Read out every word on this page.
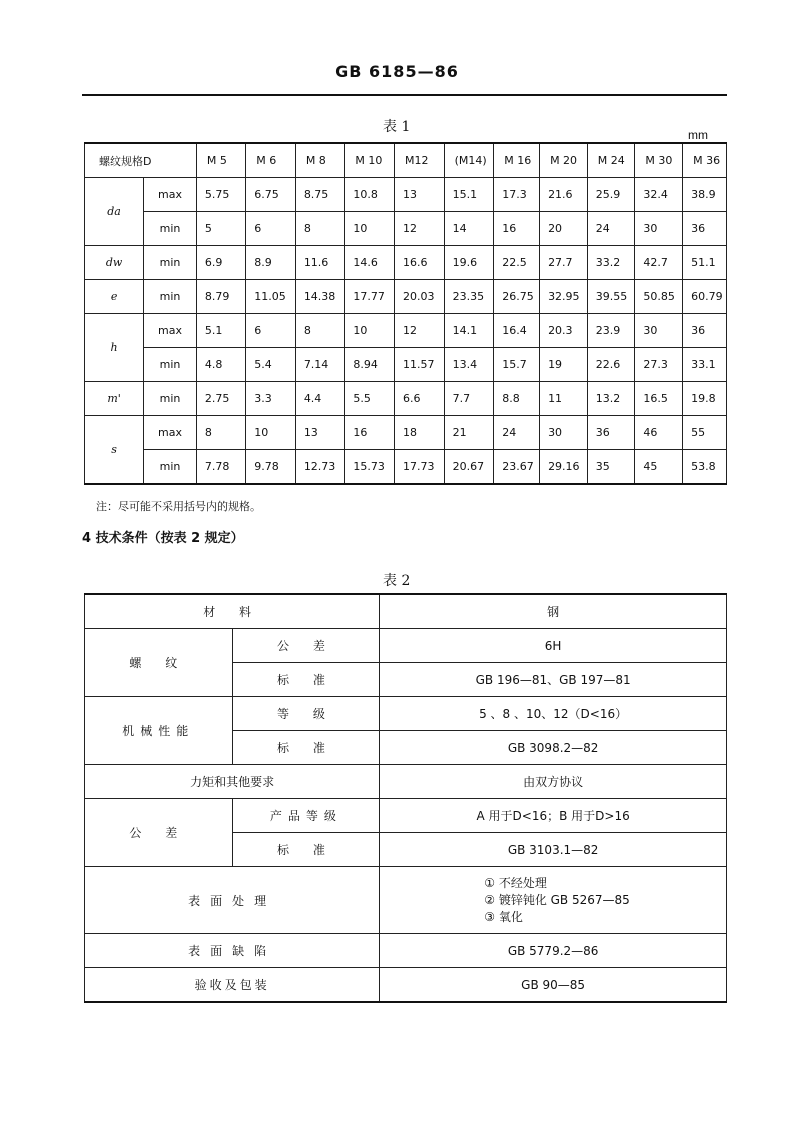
GB 6185—86
表 1	mm
螺纹规格D		M 5	M 6	M 8	M 10	M12	(M14)	M 16	M 20	M 24	M 30	M 36
da	max	5.75	6.75	8.75	10.8	13	15.1	17.3	21.6	25.9	32.4	38.9
	min	5	6	8	10	12	14	16	20	24	30	36
dw	min	6.9	8.9	11.6	14.6	16.6	19.6	22.5	27.7	33.2	42.7	51.1
e	min	8.79	11.05	14.38	17.77	20.03	23.35	26.75	32.95	39.55	50.85	60.79
h	max	5.1	6	8	10	12	14.1	16.4	20.3	23.9	30	36
	min	4.8	5.4	7.14	8.94	11.57	13.4	15.7	19	22.6	27.3	33.1
m'	min	2.75	3.3	4.4	5.5	6.6	7.7	8.8	11	13.2	16.5	19.8
s	max	8	10	13	16	18	21	24	30	36	46	55
	min	7.78	9.78	12.73	15.73	17.73	20.67	23.67	29.16	35	45	53.8
注：尽可能不采用括号内的规格。
4 技术条件（按表 2 规定）
表 2
材 料		钢
螺 纹	公 差	6H
	标 准	GB 196—81、GB 197—81
机械性能	等 级	5 、8 、10、12（D<16）
	标 准	GB 3098.2—82
力矩和其他要求		由双方协议
公 差	产品等级	A 用于D<16；B 用于D>16
	标 准	GB 3103.1—82
表面处理		① 不经处理
② 镀锌钝化 GB 5267—85
③ 氧化

表面缺陷		GB 5779.2—86
验收及包装		GB 90—85
